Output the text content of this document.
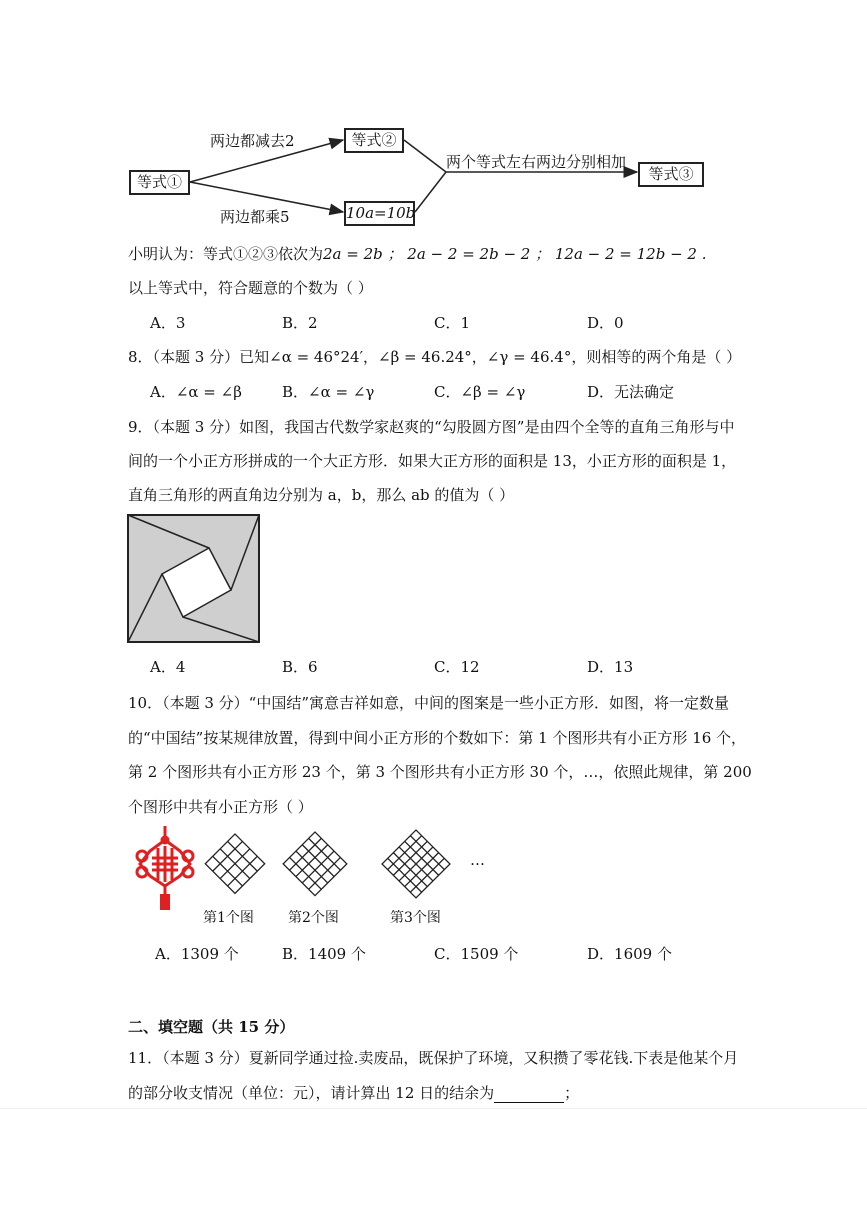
等式①
等式②
10a=10b
等式③
两边都减去2
两边都乘5
两个等式左右两边分别相加
小明认为：等式①②③依次为2a = 2b ； 2a − 2 = 2b − 2 ； 12a − 2 = 12b − 2 .
以上等式中，符合题意的个数为（ ）
A．3	B．2	C．1	D．0
8．（本题 3 分）已知∠α = 46°24′，∠β = 46.24°，∠γ = 46.4°，则相等的两个角是（ ）
A．∠α = ∠β	B．∠α = ∠γ	C．∠β = ∠γ	D．无法确定
9．（本题 3 分）如图，我国古代数学家赵爽的“勾股圆方图”是由四个全等的直角三角形与中
间的一个小正方形拼成的一个大正方形．如果大正方形的面积是 13，小正方形的面积是 1，
直角三角形的两直角边分别为 a，b，那么 ab 的值为（ ）
A．4	B．6	C．12	D．13
10．（本题 3 分）“中国结”寓意吉祥如意，中间的图案是一些小正方形．如图，将一定数量
的“中国结”按某规律放置，得到中间小正方形的个数如下：第 1 个图形共有小正方形 16 个，
第 2 个图形共有小正方形 23 个，第 3 个图形共有小正方形 30 个，…，依照此规律，第 200
个图形中共有小正方形（ ）
…
第1个图 第2个图	第3个图
A．1309 个	B．1409 个	C．1509 个	D．1609 个
二、填空题（共 15 分）
11．（本题 3 分）夏新同学通过捡.卖废品，既保护了环境，又积攒了零花钱.下表是他某个月
的部分收支情况（单位：元），请计算出 12 日的结余为	；
